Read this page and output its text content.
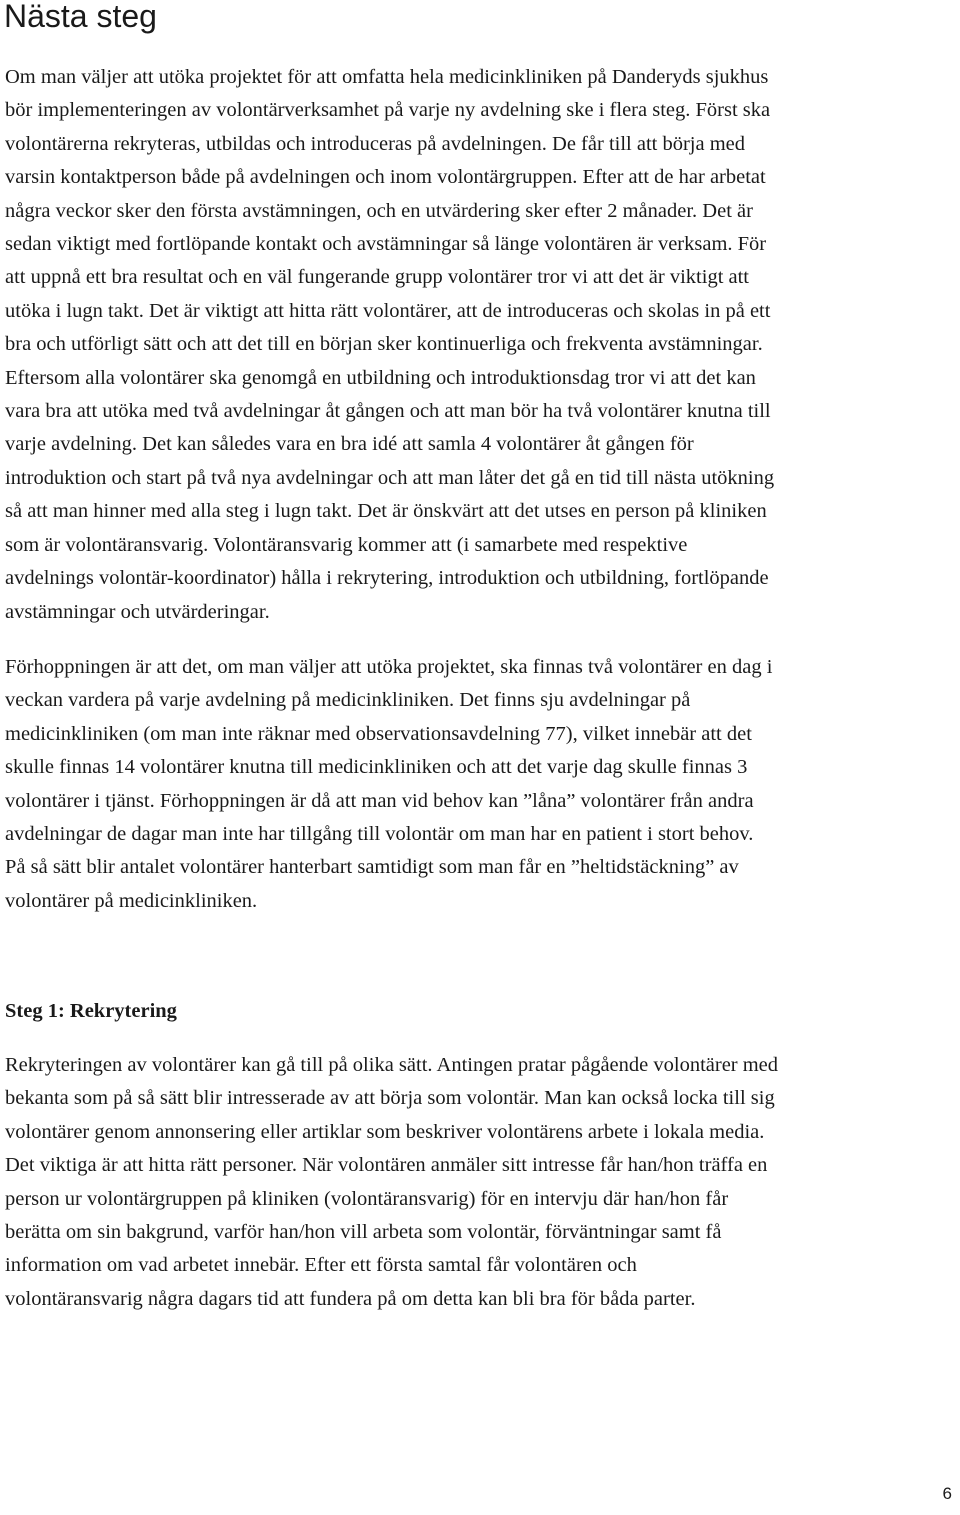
Nästa steg

Om man väljer att utöka projektet för att omfatta hela medicinkliniken på Danderyds sjukhus
bör implementeringen av volontärverksamhet på varje ny avdelning ske i flera steg. Först ska
volontärerna rekryteras, utbildas och introduceras på avdelningen. De får till att börja med
varsin kontaktperson både på avdelningen och inom volontärgruppen. Efter att de har arbetat
några veckor sker den första avstämningen, och en utvärdering sker efter 2 månader. Det är
sedan viktigt med fortlöpande kontakt och avstämningar så länge volontären är verksam. För
att uppnå ett bra resultat och en väl fungerande grupp volontärer tror vi att det är viktigt att
utöka i lugn takt. Det är viktigt att hitta rätt volontärer, att de introduceras och skolas in på ett
bra och utförligt sätt och att det till en början sker kontinuerliga och frekventa avstämningar.
Eftersom alla volontärer ska genomgå en utbildning och introduktionsdag tror vi att det kan
vara bra att utöka med två avdelningar åt gången och att man bör ha två volontärer knutna till
varje avdelning. Det kan således vara en bra idé att samla 4 volontärer åt gången för
introduktion och start på två nya avdelningar och att man låter det gå en tid till nästa utökning
så att man hinner med alla steg i lugn takt. Det är önskvärt att det utses en person på kliniken
som är volontäransvarig. Volontäransvarig kommer att (i samarbete med respektive
avdelnings volontär-koordinator) hålla i rekrytering, introduktion och utbildning, fortlöpande
avstämningar och utvärderingar.

Förhoppningen är att det, om man väljer att utöka projektet, ska finnas två volontärer en dag i
veckan vardera på varje avdelning på medicinkliniken. Det finns sju avdelningar på
medicinkliniken (om man inte räknar med observationsavdelning 77), vilket innebär att det
skulle finnas 14 volontärer knutna till medicinkliniken och att det varje dag skulle finnas 3
volontärer i tjänst. Förhoppningen är då att man vid behov kan ”låna” volontärer från andra
avdelningar de dagar man inte har tillgång till volontär om man har en patient i stort behov.
På så sätt blir antalet volontärer hanterbart samtidigt som man får en ”heltidstäckning” av
volontärer på medicinkliniken.

Steg 1: Rekrytering

Rekryteringen av volontärer kan gå till på olika sätt. Antingen pratar pågående volontärer med
bekanta som på så sätt blir intresserade av att börja som volontär. Man kan också locka till sig
volontärer genom annonsering eller artiklar som beskriver volontärens arbete i lokala media.
Det viktiga är att hitta rätt personer. När volontären anmäler sitt intresse får han/hon träffa en
person ur volontärgruppen på kliniken (volontäransvarig) för en intervju där han/hon får
berätta om sin bakgrund, varför han/hon vill arbeta som volontär, förväntningar samt få
information om vad arbetet innebär. Efter ett första samtal får volontären och
volontäransvarig några dagars tid att fundera på om detta kan bli bra för båda parter.

6
